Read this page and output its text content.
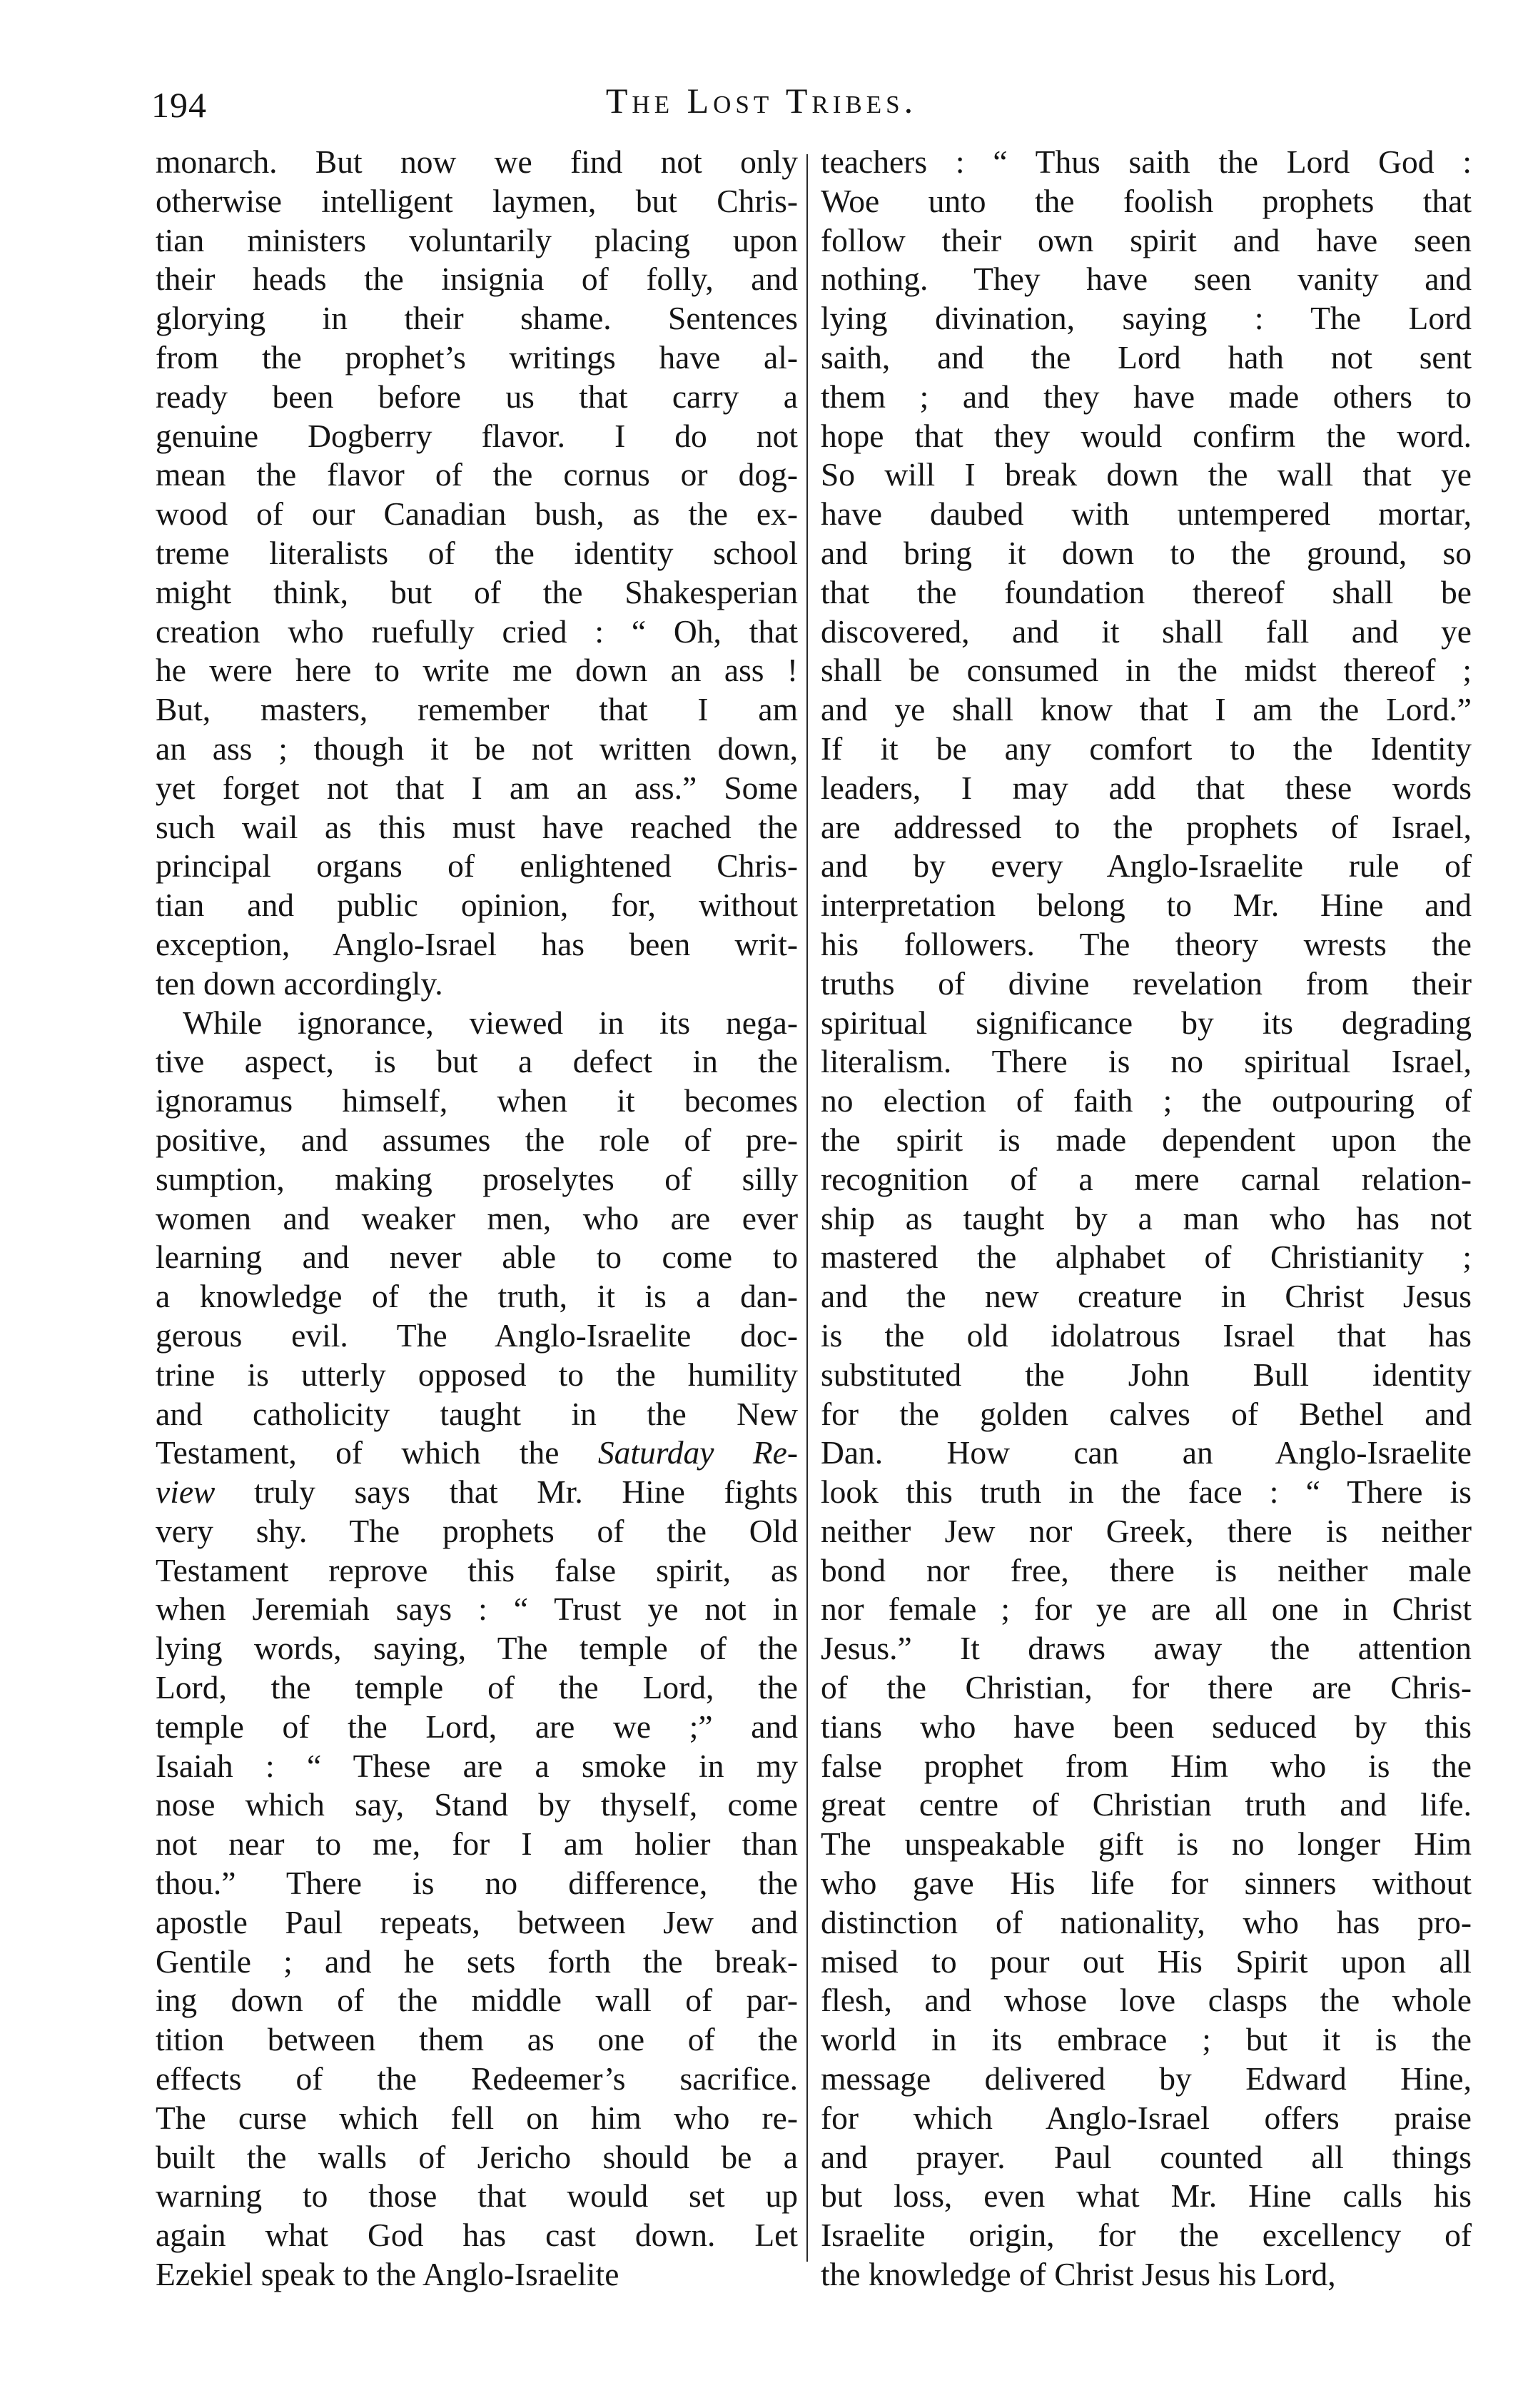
194	The Lost Tribes.
monarch. But now we find not only
otherwise intelligent laymen, but Chris-
tian ministers voluntarily placing upon
their heads the insignia of folly, and
glorying in their shame. Sentences
from the prophet’s writings have al-
ready been before us that carry a
genuine Dogberry flavor. I do not
mean the flavor of the cornus or dog-
wood of our Canadian bush, as the ex-
treme literalists of the identity school
might think, but of the Shakesperian
creation who ruefully cried : “ Oh, that
he were here to write me down an ass !
But, masters, remember that I am
an ass ; though it be not written down,
yet forget not that I am an ass.” Some
such wail as this must have reached the
principal organs of enlightened Chris-
tian and public opinion, for, without
exception, Anglo-Israel has been writ-
ten down accordingly.
While ignorance, viewed in its nega-
tive aspect, is but a defect in the
ignoramus himself, when it becomes
positive, and assumes the role of pre-
sumption, making proselytes of silly
women and weaker men, who are ever
learning and never able to come to
a knowledge of the truth, it is a dan-
gerous evil. The Anglo-Israelite doc-
trine is utterly opposed to the humility
and catholicity taught in the New
Testament, of which the Saturday Re-
view truly says that Mr. Hine fights
very shy. The prophets of the Old
Testament reprove this false spirit, as
when Jeremiah says : “ Trust ye not in
lying words, saying, The temple of the
Lord, the temple of the Lord, the
temple of the Lord, are we ;” and
Isaiah : “ These are a smoke in my
nose which say, Stand by thyself, come
not near to me, for I am holier than
thou.” There is no difference, the
apostle Paul repeats, between Jew and
Gentile ; and he sets forth the break-
ing down of the middle wall of par-
tition between them as one of the
effects of the Redeemer’s sacrifice.
The curse which fell on him who re-
built the walls of Jericho should be a
warning to those that would set up
again what God has cast down. Let
Ezekiel speak to the Anglo-Israelite
teachers : “ Thus saith the Lord God :
Woe unto the foolish prophets that
follow their own spirit and have seen
nothing. They have seen vanity and
lying divination, saying : The Lord
saith, and the Lord hath not sent
them ; and they have made others to
hope that they would confirm the word.
So will I break down the wall that ye
have daubed with untempered mortar,
and bring it down to the ground, so
that the foundation thereof shall be
discovered, and it shall fall and ye
shall be consumed in the midst thereof ;
and ye shall know that I am the Lord.”
If it be any comfort to the Identity
leaders, I may add that these words
are addressed to the prophets of Israel,
and by every Anglo-Israelite rule of
interpretation belong to Mr. Hine and
his followers. The theory wrests the
truths of divine revelation from their
spiritual significance by its degrading
literalism. There is no spiritual Israel,
no election of faith ; the outpouring of
the spirit is made dependent upon the
recognition of a mere carnal relation-
ship as taught by a man who has not
mastered the alphabet of Christianity ;
and the new creature in Christ Jesus
is the old idolatrous Israel that has
substituted the John Bull identity
for the golden calves of Bethel and
Dan. How can an Anglo-Israelite
look this truth in the face : “ There is
neither Jew nor Greek, there is neither
bond nor free, there is neither male
nor female ; for ye are all one in Christ
Jesus.” It draws away the attention
of the Christian, for there are Chris-
tians who have been seduced by this
false prophet from Him who is the
great centre of Christian truth and life.
The unspeakable gift is no longer Him
who gave His life for sinners without
distinction of nationality, who has pro-
mised to pour out His Spirit upon all
flesh, and whose love clasps the whole
world in its embrace ; but it is the
message delivered by Edward Hine,
for which Anglo-Israel offers praise
and prayer. Paul counted all things
but loss, even what Mr. Hine calls his
Israelite origin, for the excellency of
the knowledge of Christ Jesus his Lord,
